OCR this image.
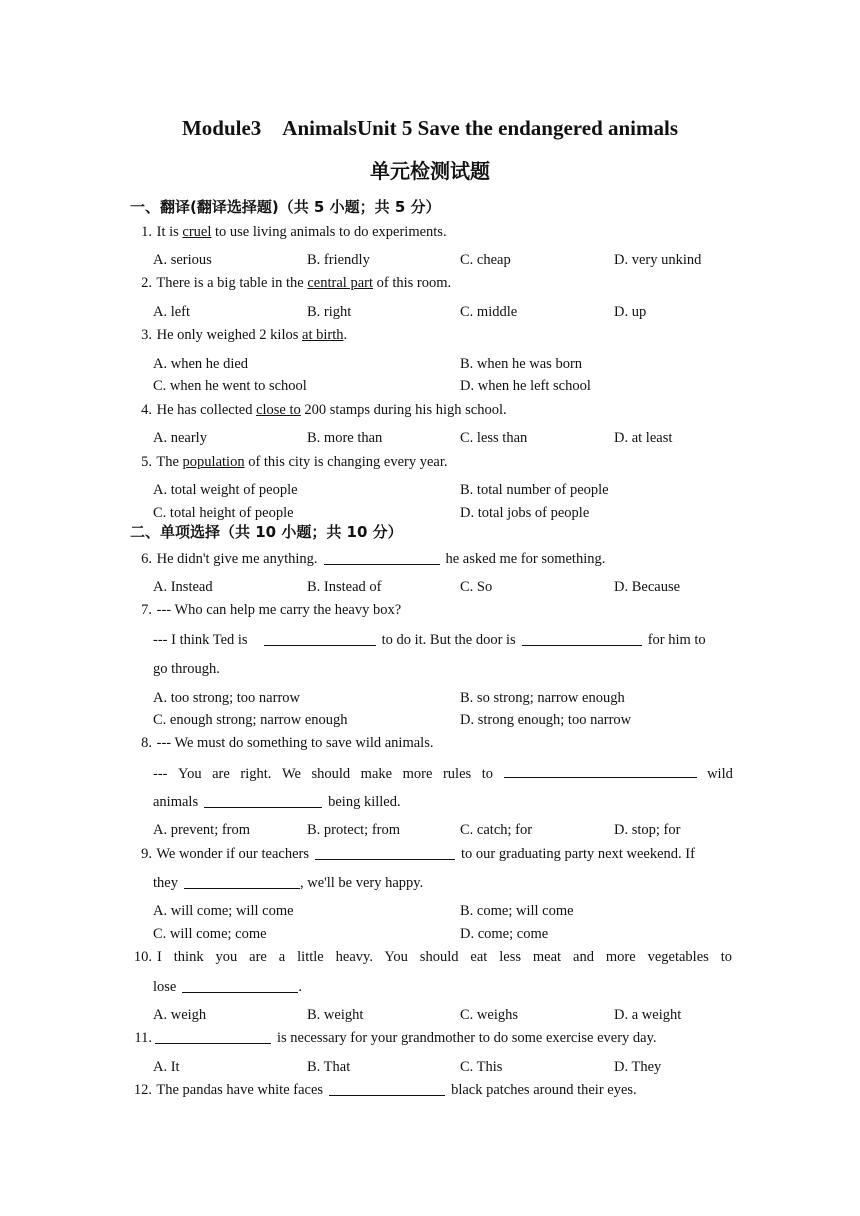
Module3　AnimalsUnit 5 Save the endangered animals
单元检测试题
一、翻译(翻译选择题)（共 5 小题；共 5 分）
1. It is cruel to use living animals to do experiments.
A. serious	B. friendly	C. cheap	D. very unkind
2. There is a big table in the central part of this room.
A. left	B. right	C. middle	D. up
3. He only weighed 2 kilos at birth.
A. when he died	B. when he was born
C. when he went to school	D. when he left school
4. He has collected close to 200 stamps during his high school.
A. nearly	B. more than	C. less than	D. at least
5. The population of this city is changing every year.
A. total weight of people	B. total number of people
C. total height of people	D. total jobs of people
二、单项选择（共 10 小题；共 10 分）
6. He didn't give me anything.	he asked me for something.
A. Instead	B. Instead of	C. So	D. Because
7. --- Who can help me carry the heavy box?
--- I think Ted is	to do it. But the door is	for him to
go through.
A. too strong; too narrow	B. so strong; narrow enough
C. enough strong; narrow enough	D. strong enough; too narrow
8. --- We must do something to save wild animals.
--- You are right. We should make more rules to	wild
animals	being killed.
A. prevent; from	B. protect; from	C. catch; for	D. stop; for
9. We wonder if our teachers	to our graduating party next weekend. If
they	, we'll be very happy.
A. will come; will come	B. come; will come
C. will come; come	D. come; come
10. I think you are a little heavy. You should eat less meat and more vegetables to
lose	.
A. weigh	B. weight	C. weighs	D. a weight
11.	is necessary for your grandmother to do some exercise every day.
A. It	B. That	C. This	D. They
12. The pandas have white faces	black patches around their eyes.
